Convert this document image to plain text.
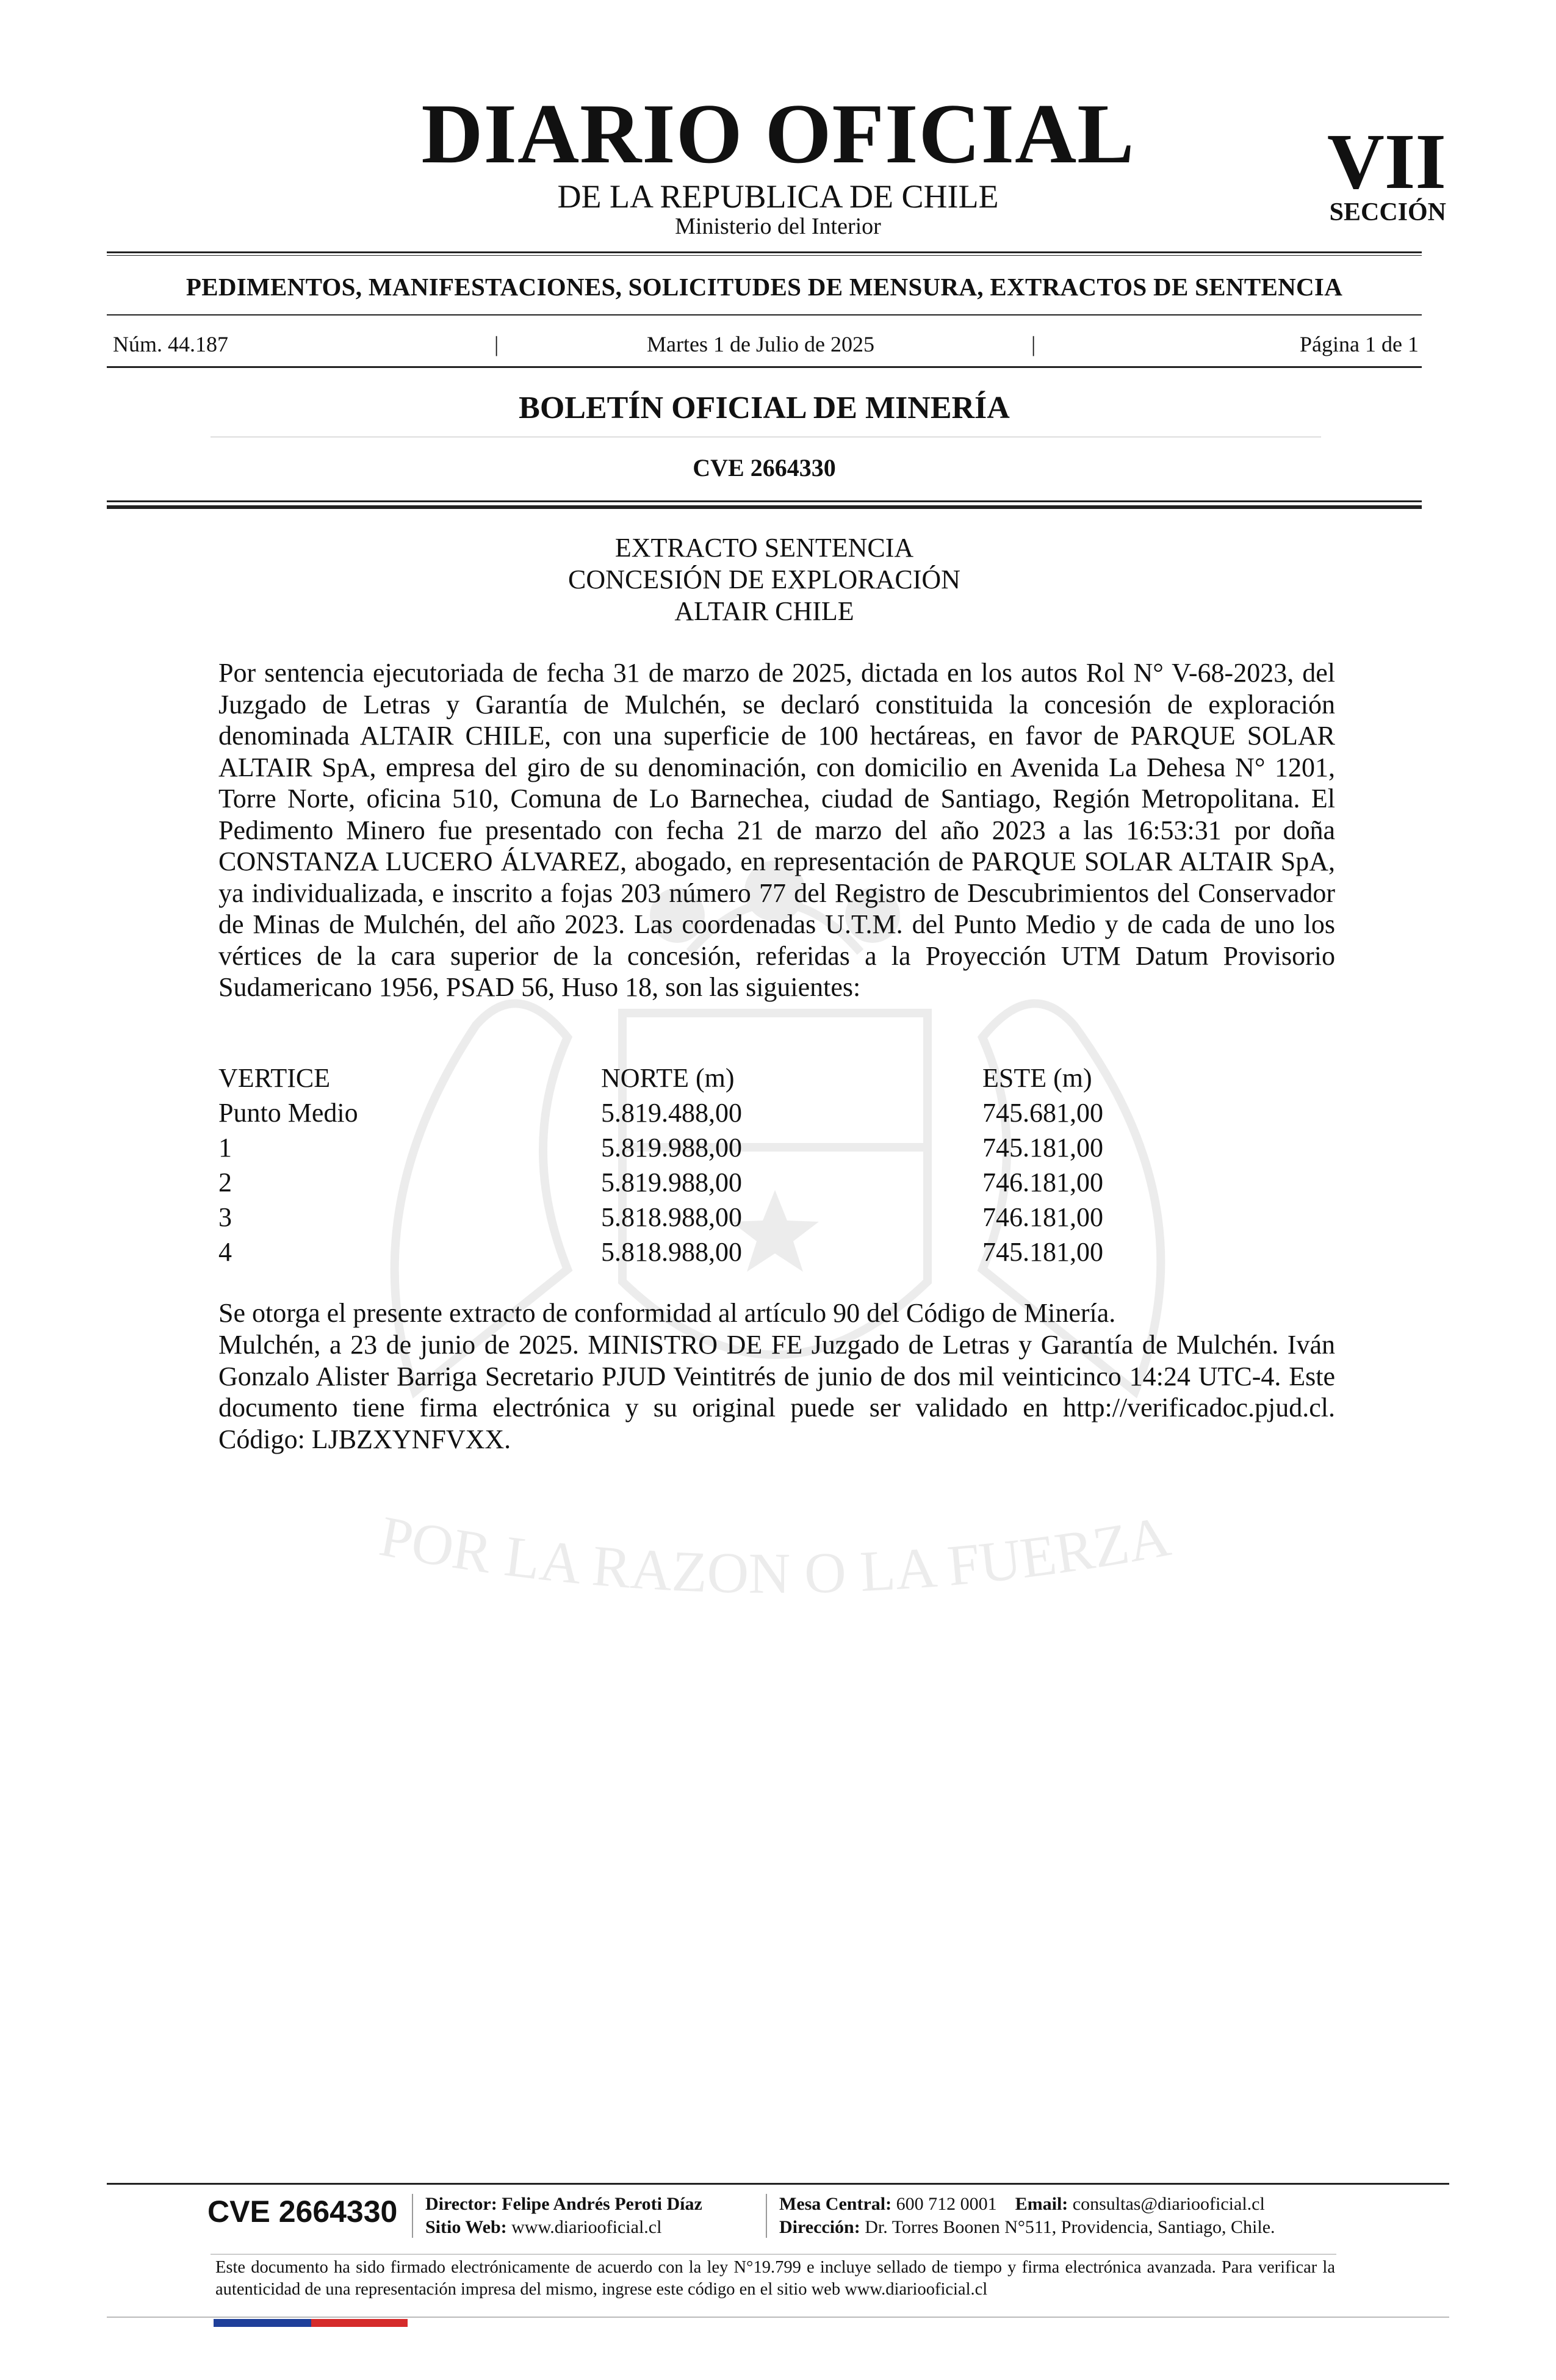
DIARIO OFICIAL
DE LA REPUBLICA DE CHILE
Ministerio del Interior
VII
SECCIÓN
PEDIMENTOS, MANIFESTACIONES, SOLICITUDES DE MENSURA, EXTRACTOS DE SENTENCIA
Núm. 44.187	|	Martes 1 de Julio de 2025	|	Página 1 de 1
BOLETÍN OFICIAL DE MINERÍA
CVE 2664330
POR LA RAZON O LA FUERZA
EXTRACTO SENTENCIA
CONCESIÓN DE EXPLORACIÓN
ALTAIR CHILE
Por sentencia ejecutoriada de fecha 31 de marzo de 2025, dictada en los autos Rol N° V-68-2023, del Juzgado de Letras y Garantía de Mulchén, se declaró constituida la concesión de exploración denominada ALTAIR CHILE, con una superficie de 100 hectáreas, en favor de PARQUE SOLAR ALTAIR SpA, empresa del giro de su denominación, con domicilio en Avenida La Dehesa N° 1201, Torre Norte, oficina 510, Comuna de Lo Barnechea, ciudad de Santiago, Región Metropolitana. El Pedimento Minero fue presentado con fecha 21 de marzo del año 2023 a las 16:53:31 por doña CONSTANZA LUCERO ÁLVAREZ, abogado, en representación de PARQUE SOLAR ALTAIR SpA, ya individualizada, e inscrito a fojas 203 número 77 del Registro de Descubrimientos del Conservador de Minas de Mulchén, del año 2023. Las coordenadas U.T.M. del Punto Medio y de cada de uno los vértices de la cara superior de la concesión, referidas a la Proyección UTM Datum Provisorio Sudamericano 1956, PSAD 56, Huso 18, son las siguientes:
VERTICE	NORTE (m)	ESTE (m)
Punto Medio	5.819.488,00	745.681,00
1	5.819.988,00	745.181,00
2	5.819.988,00	746.181,00
3	5.818.988,00	746.181,00
4	5.818.988,00	745.181,00
Se otorga el presente extracto de conformidad al artículo 90 del Código de Minería.
Mulchén, a 23 de junio de 2025. MINISTRO DE FE Juzgado de Letras y Garantía de Mulchén. Iván Gonzalo Alister Barriga Secretario PJUD Veintitrés de junio de dos mil veinticinco 14:24 UTC-4. Este documento tiene firma electrónica y su original puede ser validado en http://verificadoc.pjud.cl. Código: LJBZXYNFVXX.
CVE 2664330 Director: Felipe Andrés Peroti Díaz
Sitio Web: www.diariooficial.cl
Mesa Central: 600 712 0001 Email: consultas@diariooficial.cl
Dirección: Dr. Torres Boonen N°511, Providencia, Santiago, Chile.
Este documento ha sido firmado electrónicamente de acuerdo con la ley N°19.799 e incluye sellado de tiempo y firma electrónica avanzada. Para verificar la autenticidad de una representación impresa del mismo, ingrese este código en el sitio web www.diariooficial.cl
